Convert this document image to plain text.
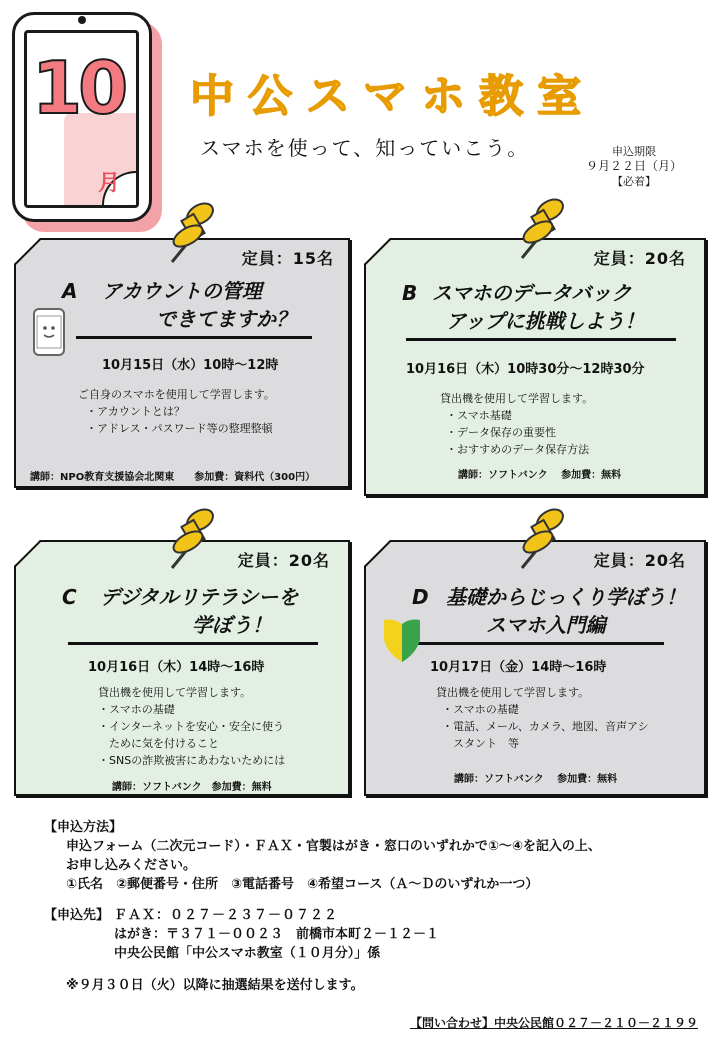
10
月
中公スマホ教室
スマホを使って、知っていこう。	申込期限
９月２２日（月）
【必着】
定員：15名
A アカウントの管理
できてますか？
10月15日（水）10時～12時
ご自身のスマホを使用して学習します。
・アカウントとは？
・アドレス・パスワード等の整理整頓
講師：NPO教育支援協会北関東　　参加費：資料代（300円）
定員：20名
B スマホのデータバック
アップに挑戦しよう！
10月16日（木）10時30分～12時30分
貸出機を使用して学習します。
・スマホ基礎
・データ保存の重要性
・おすすめのデータ保存方法
講師：ソフトバンク　 参加費：無料
定員：20名
C デジタルリテラシーを
学ぼう！
10月16日（木）14時～16時
貸出機を使用して学習します。
・スマホの基礎
・インターネットを安心・安全に使う
　ために気を付けること
・SNSの詐欺被害にあわないためには
講師：ソフトバンク　参加費：無料
定員：20名
D 基礎からじっくり学ぼう！
スマホ入門編
10月17日（金）14時～16時
貸出機を使用して学習します。
・スマホの基礎
・電話、メール、カメラ、地図、音声アシ
　スタント　等
講師：ソフトバンク　 参加費：無料
【申込方法】
申込フォーム（二次元コード）・ＦＡＸ・官製はがき・窓口のいずれかで①～④を記入の上、
お申し込みください。
①氏名　②郵便番号・住所　③電話番号　④希望コース（Ａ～Ｄのいずれか一つ）
【申込先】 ＦＡＸ：０２７－２３７－０７２２
はがき：〒３７１－００２３　前橋市本町２－１２－１
中央公民館「中公スマホ教室（１０月分）」係
※９月３０日（火）以降に抽選結果を送付します。
【問い合わせ】中央公民館０２７－２１０－２１９９
